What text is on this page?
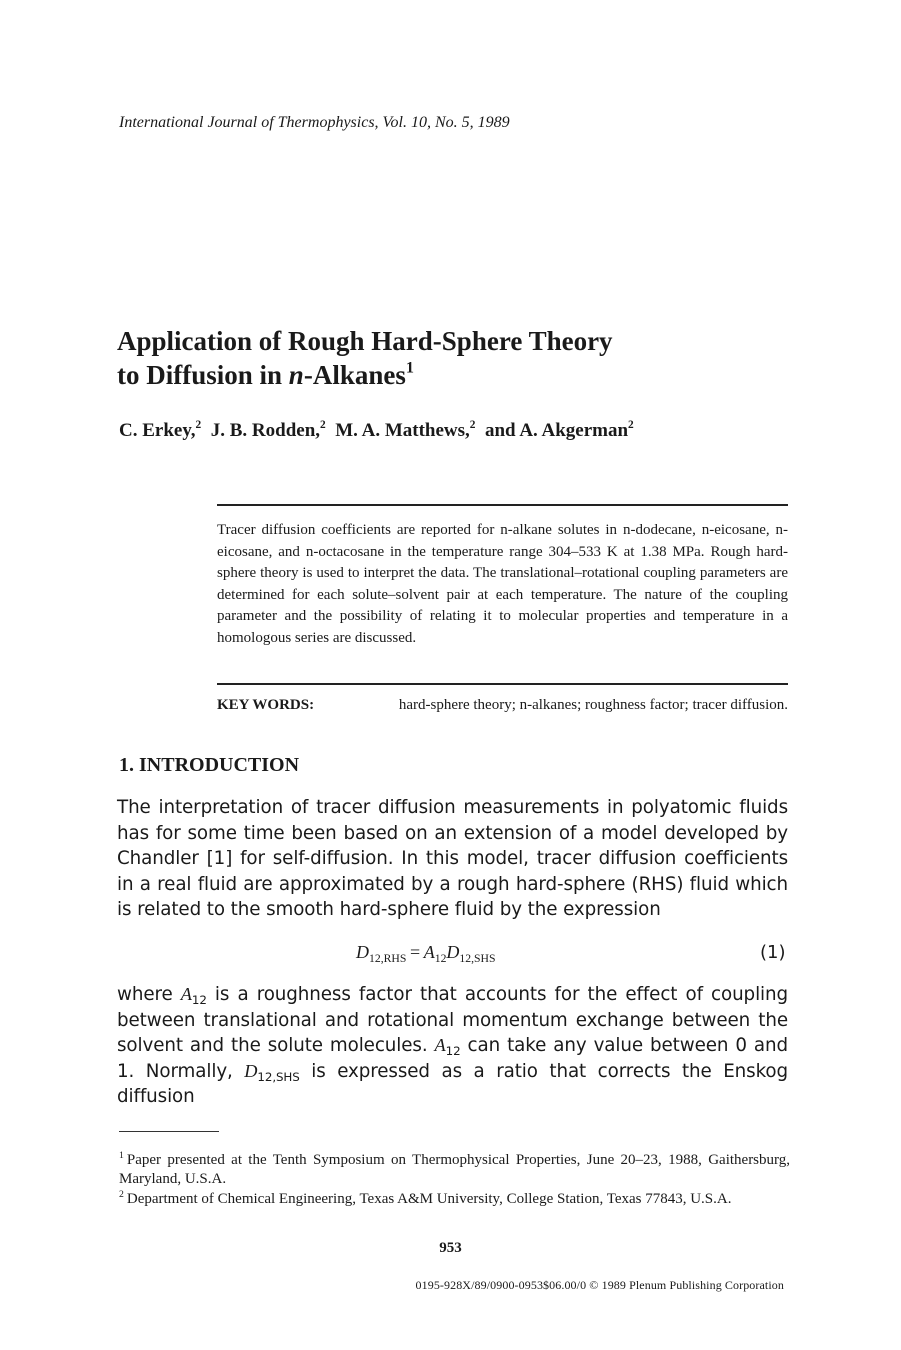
International Journal of Thermophysics, Vol. 10, No. 5, 1989
Application of Rough Hard-Sphere Theory
to Diffusion in n-Alkanes$^1$
C. Erkey,$^2$ J. B. Rodden,$^2$ M. A. Matthews,$^2$ and A. Akgerman$^2$
Tracer diffusion coefficients are reported for n-alkane solutes in n-dodecane, n-eicosane, n-eicosane, and n-octacosane in the temperature range 304–533 K at 1.38 MPa. Rough hard-sphere theory is used to interpret the data. The translational–rotational coupling parameters are determined for each solute–solvent pair at each temperature. The nature of the coupling parameter and the possibility of relating it to molecular properties and temperature in a homologous series are discussed.
KEY WORDS:	hard-sphere theory; n-alkanes; roughness factor; tracer diffusion.
1. INTRODUCTION
The interpretation of tracer diffusion measurements in polyatomic fluids has for some time been based on an extension of a model developed by Chandler [1] for self-diffusion. In this model, tracer diffusion coefficients in a real fluid are approximated by a rough hard-sphere (RHS) fluid which is related to the smooth hard-sphere fluid by the expression
$D_{12,RHS} = A_{12}D_{12,SHS}$	(1)
where $A_{12}$ is a roughness factor that accounts for the effect of coupling between translational and rotational momentum exchange between the solvent and the solute molecules. $A_{12}$ can take any value between 0 and 1. Normally, $D_{12,SHS}$ is expressed as a ratio that corrects the Enskog diffusion
$^1$ Paper presented at the Tenth Symposium on Thermophysical Properties, June 20–23, 1988, Gaithersburg, Maryland, U.S.A.
$^2$ Department of Chemical Engineering, Texas A&M University, College Station, Texas 77843, U.S.A.
953
0195-928X/89/0900-0953$06.00/0 © 1989 Plenum Publishing Corporation
